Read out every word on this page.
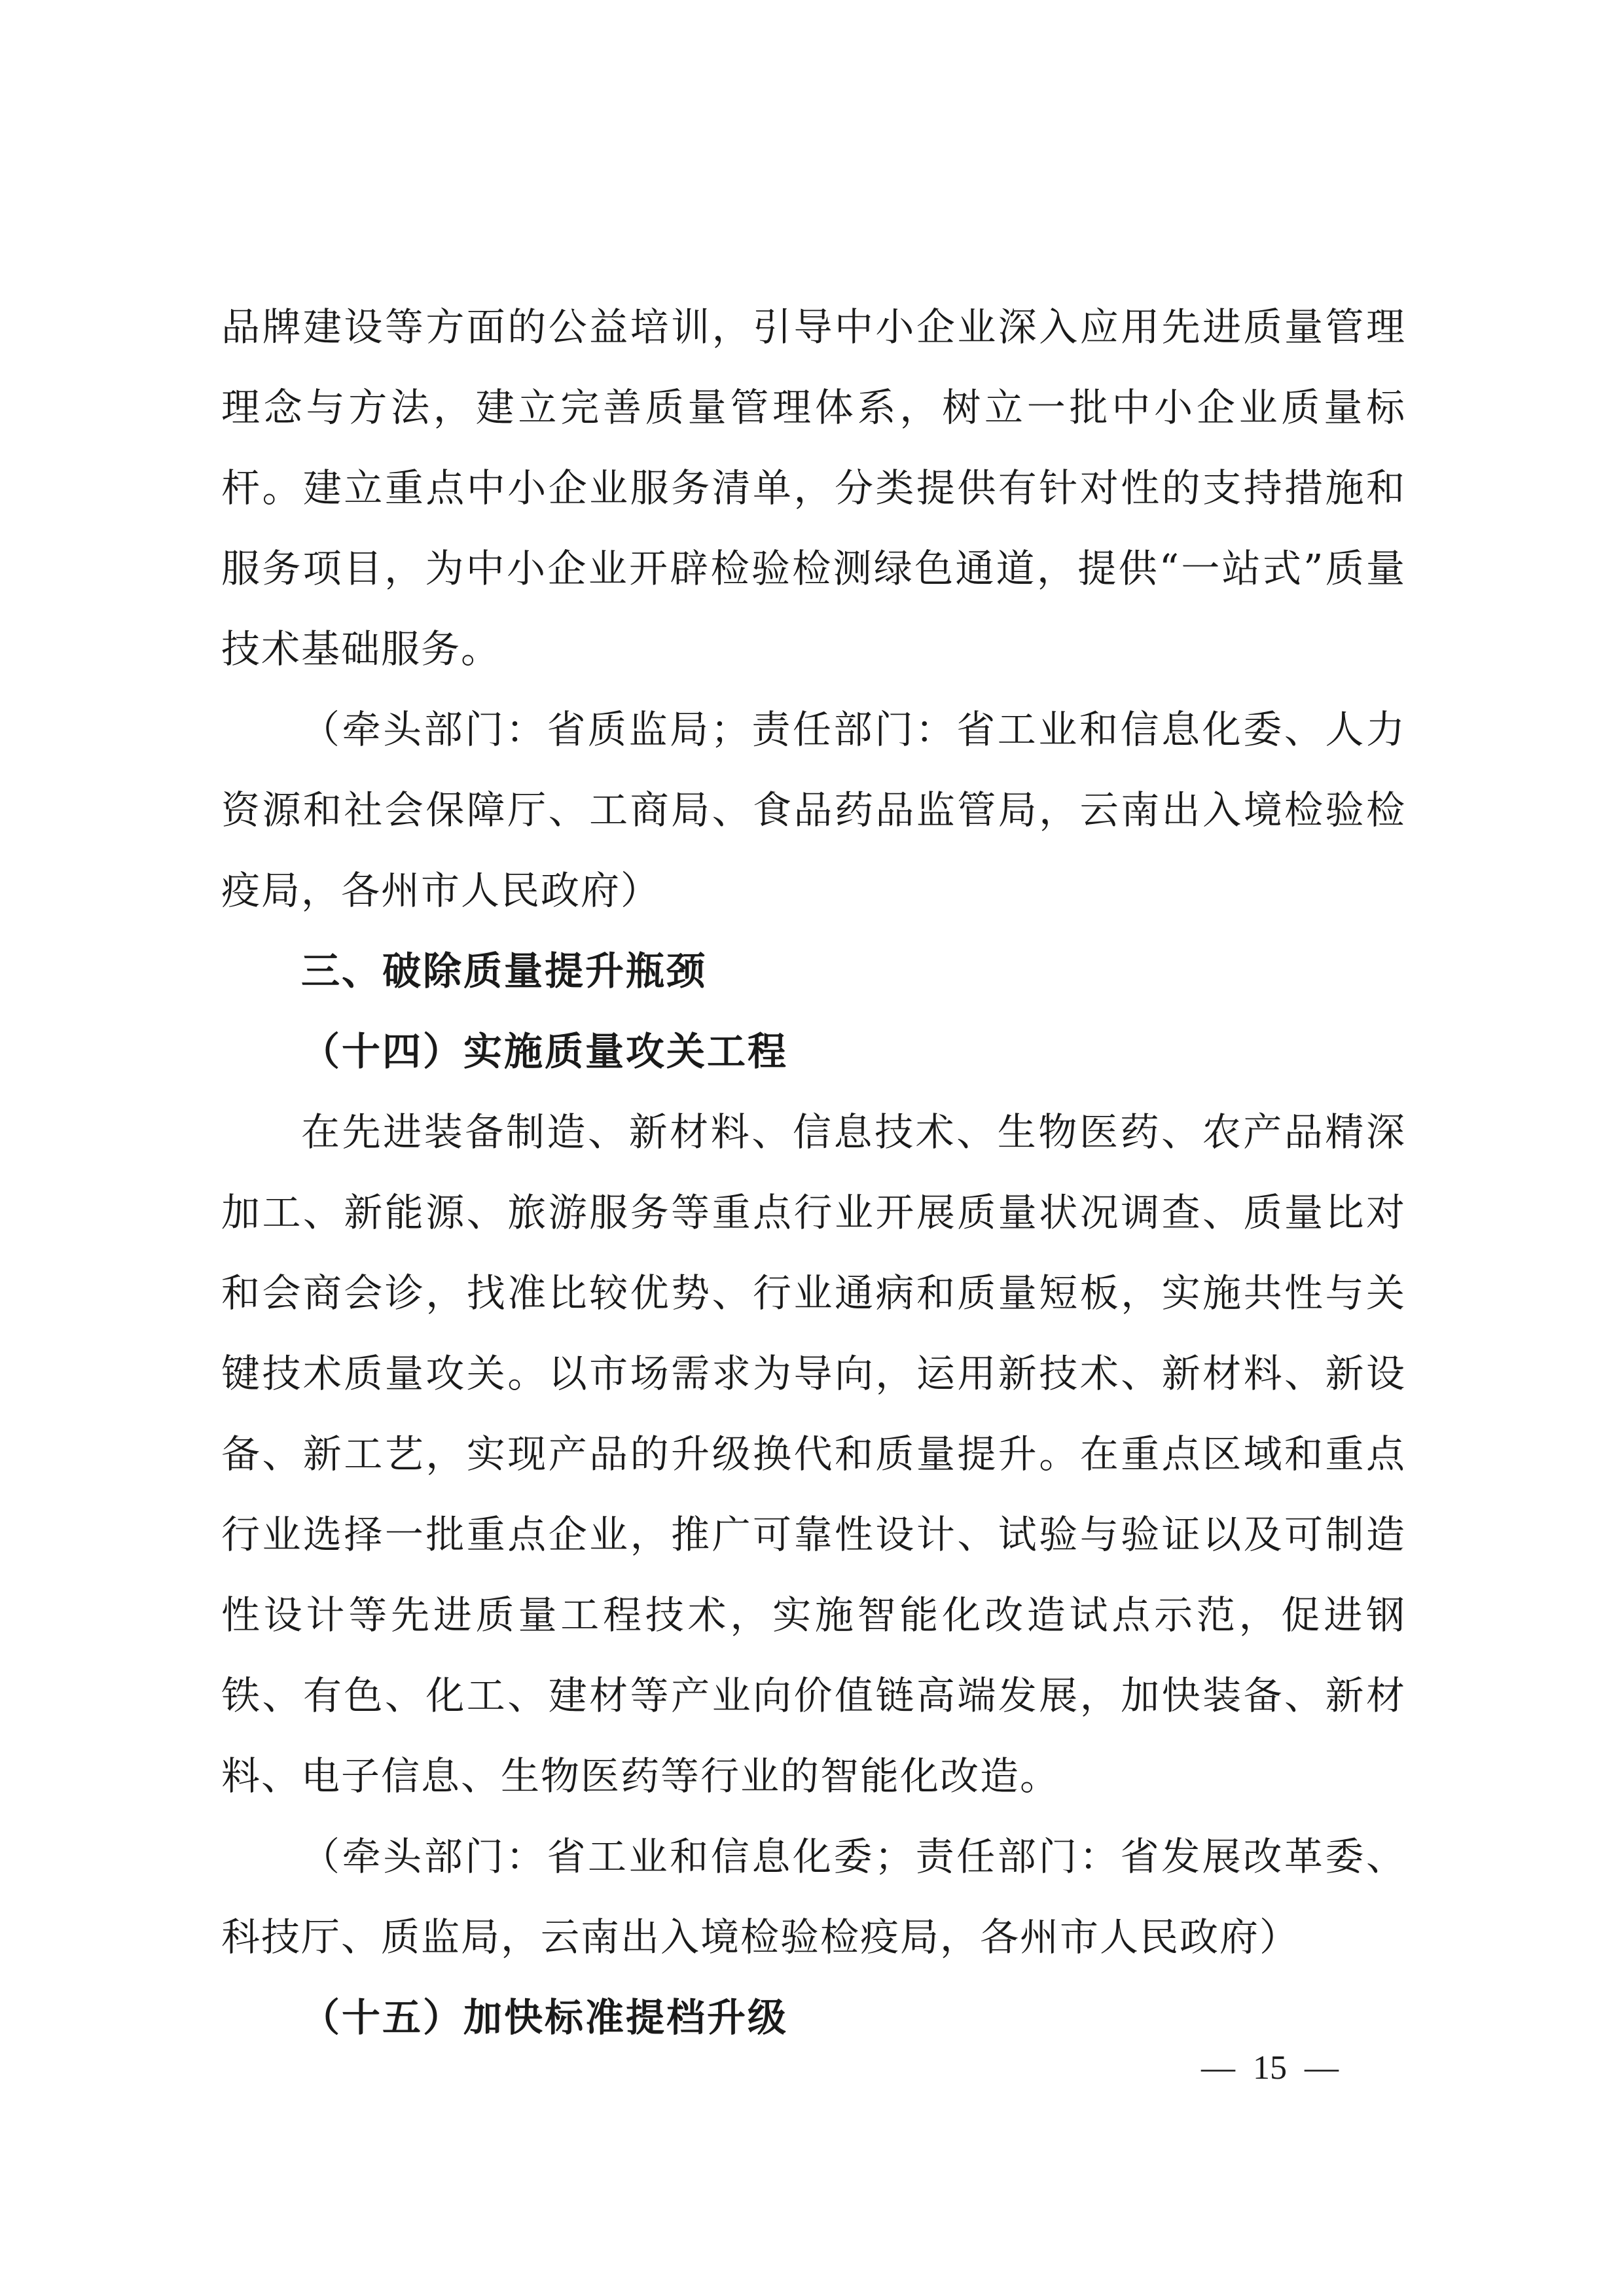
品牌建设等方面的公益培训，引导中小企业深入应用先进质量管理理念与方法，建立完善质量管理体系，树立一批中小企业质量标杆。建立重点中小企业服务清单，分类提供有针对性的支持措施和服务项目，为中小企业开辟检验检测绿色通道，提供“一站式”质量技术基础服务。

（牵头部门：省质监局；责任部门：省工业和信息化委、人力资源和社会保障厅、工商局、食品药品监管局，云南出入境检验检疫局，各州市人民政府）

三、破除质量提升瓶颈

（十四）实施质量攻关工程

在先进装备制造、新材料、信息技术、生物医药、农产品精深加工、新能源、旅游服务等重点行业开展质量状况调查、质量比对和会商会诊，找准比较优势、行业通病和质量短板，实施共性与关键技术质量攻关。以市场需求为导向，运用新技术、新材料、新设备、新工艺，实现产品的升级换代和质量提升。在重点区域和重点行业选择一批重点企业，推广可靠性设计、试验与验证以及可制造性设计等先进质量工程技术，实施智能化改造试点示范，促进钢铁、有色、化工、建材等产业向价值链高端发展，加快装备、新材料、电子信息、生物医药等行业的智能化改造。

（牵头部门：省工业和信息化委；责任部门：省发展改革委、科技厅、质监局，云南出入境检验检疫局，各州市人民政府）

（十五）加快标准提档升级

— 15 —
